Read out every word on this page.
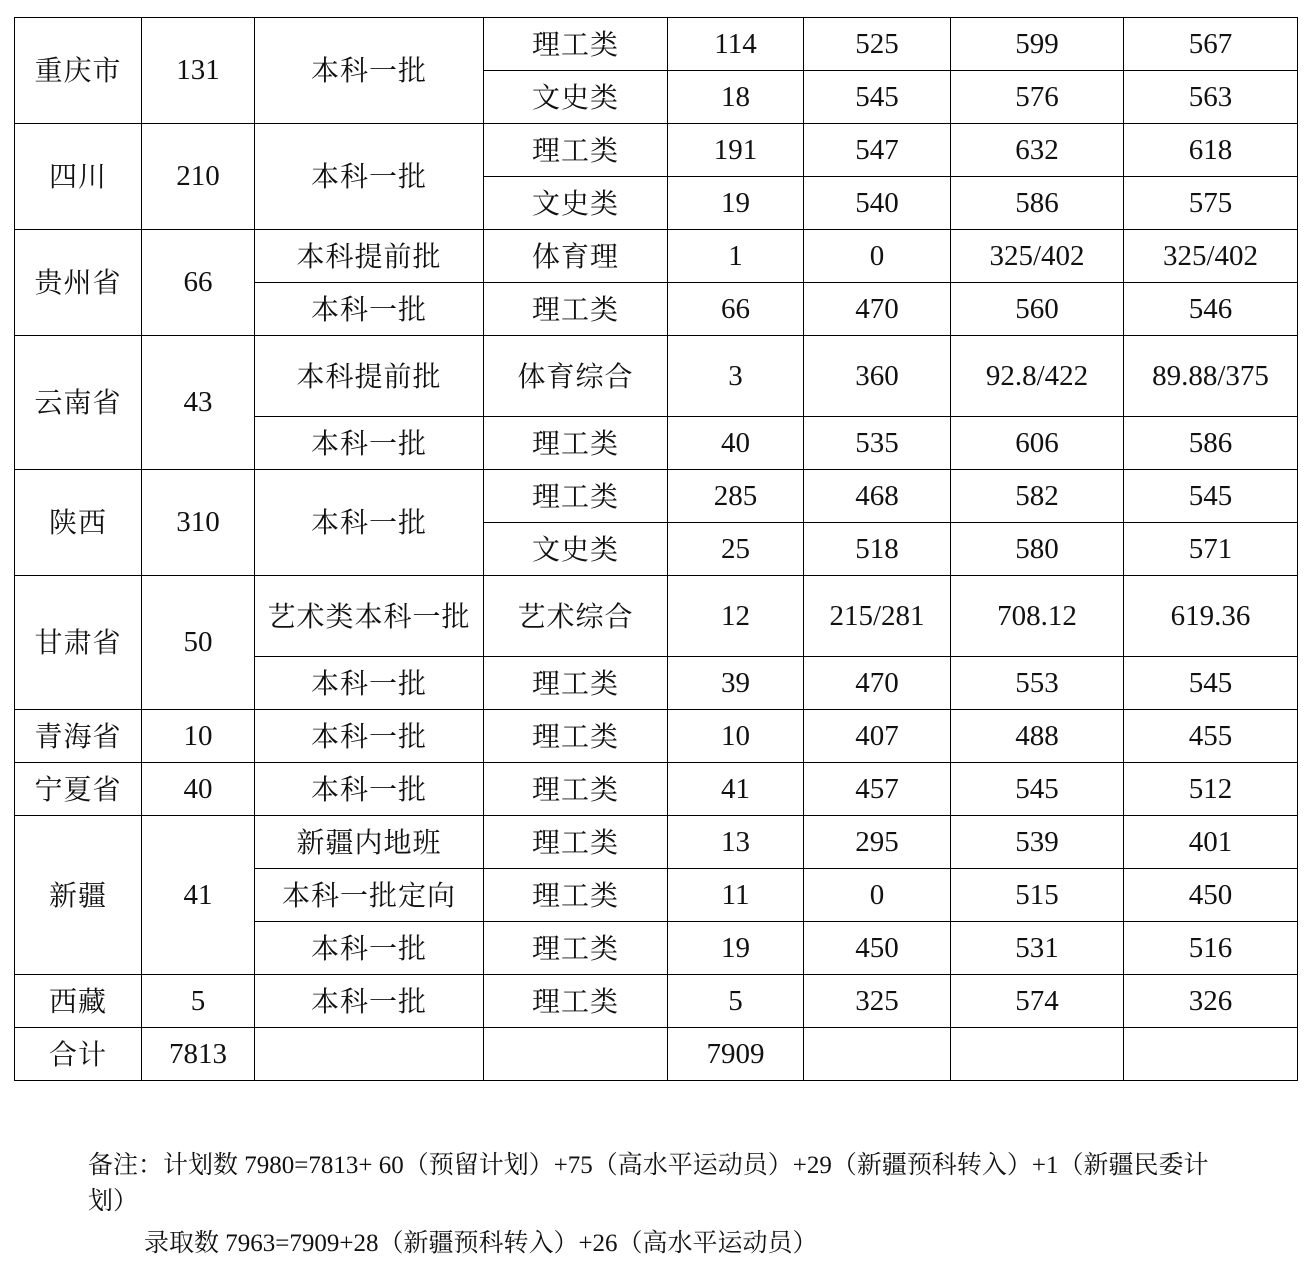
重庆市	131	本科一批	理工类	114	525	599	567
			文史类	18	545	576	563
四川	210	本科一批	理工类	191	547	632	618
			文史类	19	540	586	575
贵州省	66	本科提前批	体育理	1	0	325/402	325/402
		本科一批	理工类	66	470	560	546
云南省	43	本科提前批	体育综合	3	360	92.8/422	89.88/375
		本科一批	理工类	40	535	606	586
陕西	310	本科一批	理工类	285	468	582	545
			文史类	25	518	580	571
甘肃省	50	艺术类本科一批	艺术综合	12	215/281	708.12	619.36
		本科一批	理工类	39	470	553	545
青海省	10	本科一批	理工类	10	407	488	455
宁夏省	40	本科一批	理工类	41	457	545	512
新疆	41	新疆内地班	理工类	13	295	539	401
		本科一批定向	理工类	11	0	515	450
		本科一批	理工类	19	450	531	516
西藏	5	本科一批	理工类	5	325	574	326
合计	7813			7909			

备注：计划数 7980=7813+ 60（预留计划）+75（高水平运动员）+29（新疆预科转入）+1（新疆民委计划）

录取数 7963=7909+28（新疆预科转入）+26（高水平运动员）
